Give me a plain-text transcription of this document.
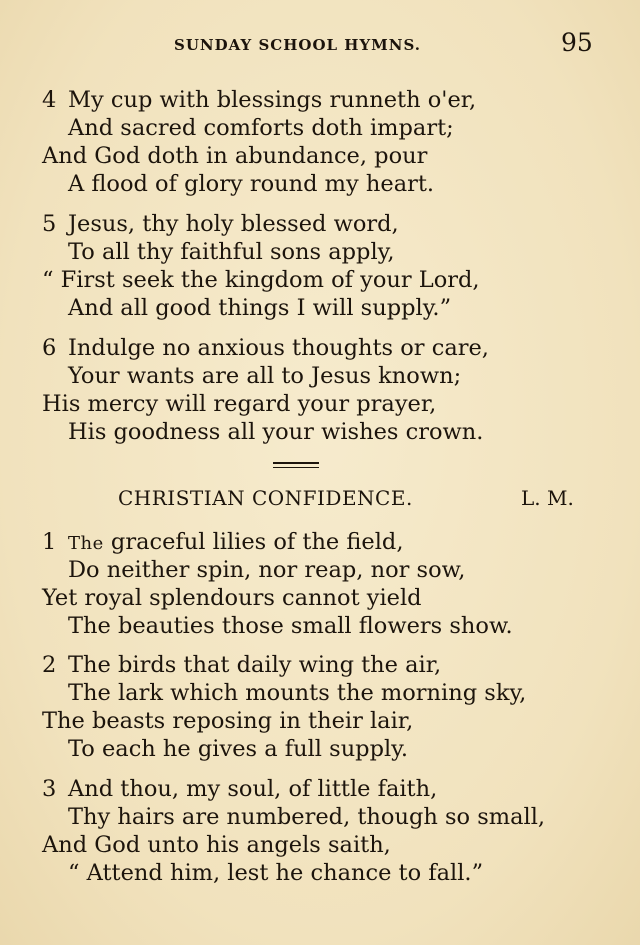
SUNDAY SCHOOL HYMNS.	95
4 My cup with blessings runneth o'er,
And sacred comforts doth impart;
And God doth in abundance, pour
A flood of glory round my heart.
5 Jesus, thy holy blessed word,
To all thy faithful sons apply,
“ First seek the kingdom of your Lord,
And all good things I will supply.”
6 Indulge no anxious thoughts or care,
Your wants are all to Jesus known;
His mercy will regard your prayer,
His goodness all your wishes crown.
CHRISTIAN CONFIDENCE.	L. M.
1 The graceful lilies of the field,
Do neither spin, nor reap, nor sow,
Yet royal splendours cannot yield
The beauties those small flowers show.
2 The birds that daily wing the air,
The lark which mounts the morning sky,
The beasts reposing in their lair,
To each he gives a full supply.
3 And thou, my soul, of little faith,
Thy hairs are numbered, though so small,
And God unto his angels saith,
“ Attend him, lest he chance to fall.”
